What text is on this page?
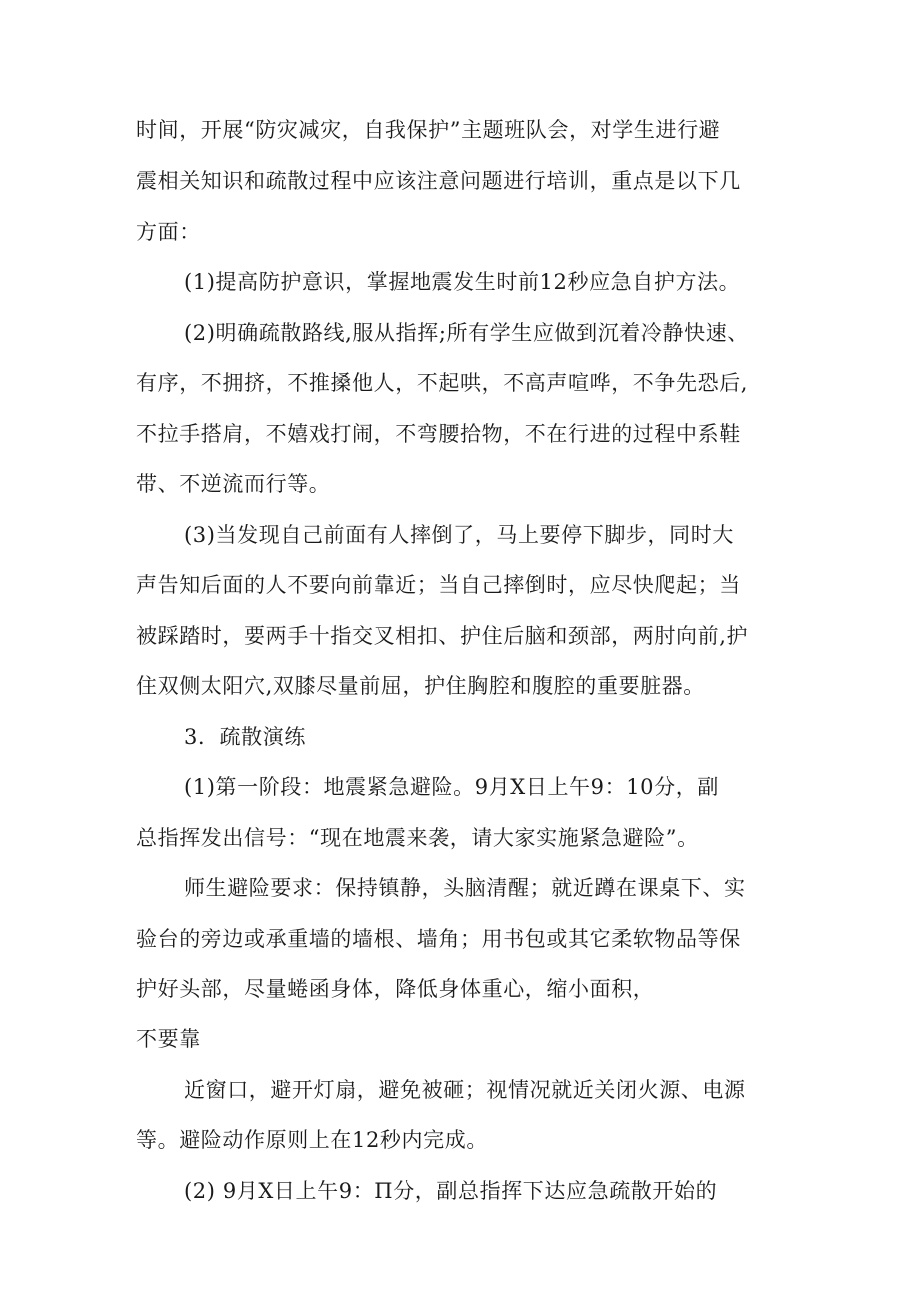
时间，开展“防灾减灾，自我保护”主题班队会，对学生进行避
震相关知识和疏散过程中应该注意问题进行培训，重点是以下几
方面：
(1)提高防护意识，掌握地震发生时前12秒应急自护方法。
(2)明确疏散路线,服从指挥;所有学生应做到沉着冷静快速、
有序，不拥挤，不推搡他人，不起哄，不高声喧哗，不争先恐后,
不拉手搭肩，不嬉戏打闹，不弯腰拾物，不在行进的过程中系鞋
带、不逆流而行等。
(3)当发现自己前面有人摔倒了，马上要停下脚步，同时大
声告知后面的人不要向前靠近；当自己摔倒时，应尽快爬起；当
被踩踏时，要两手十指交叉相扣、护住后脑和颈部，两肘向前,护
住双侧太阳穴,双膝尽量前屈，护住胸腔和腹腔的重要脏器。
3．疏散演练
(1)第一阶段：地震紧急避险。9月X日上午9：10分，副
总指挥发出信号：“现在地震来袭，请大家实施紧急避险”。
师生避险要求：保持镇静，头脑清醒；就近蹲在课桌下、实
验台的旁边或承重墙的墙根、墙角；用书包或其它柔软物品等保
护好头部，尽量蜷函身体，降低身体重心，缩小面积，
不要靠
近窗口，避开灯扇，避免被砸；视情况就近关闭火源、电源
等。避险动作原则上在12秒内完成。
(2) 9月X日上午9：Π分，副总指挥下达应急疏散开始的
